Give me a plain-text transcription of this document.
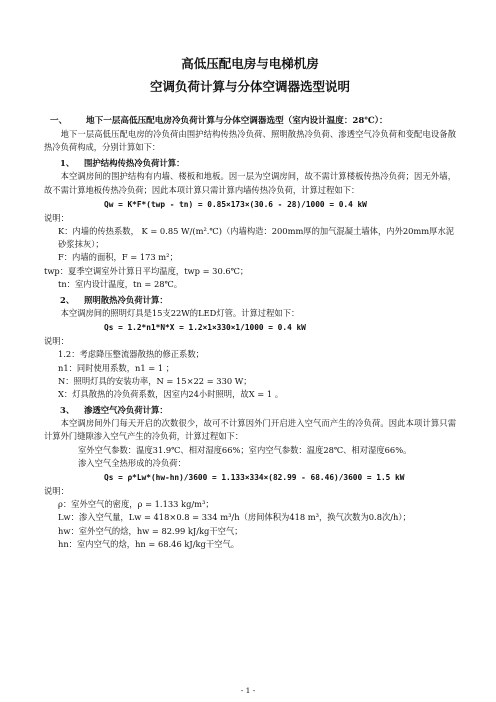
高低压配电房与电梯机房
空调负荷计算与分体空调器选型说明
一、	地下一层高低压配电房冷负荷计算与分体空调器选型（室内设计温度：28℃）：
地下一层高低压配电房的冷负荷由围护结构传热冷负荷、照明散热冷负荷、渗透空气冷负荷和变配电设备散热冷负荷构成，分别计算如下：
1、	围护结构传热冷负荷计算：
本空调房间的围护结构有内墙、楼板和地板。因一层为空调房间，故不需计算楼板传热冷负荷；因无外墙，故不需计算地板传热冷负荷；因此本项计算只需计算内墙传热冷负荷，计算过程如下：
Qw = K*F*(twp - tn) = 0.85×173×(30.6 - 28)/1000 = 0.4 kW
说明：
K：内墙的传热系数， K = 0.85 W/(m².℃)（内墙构造：200mm厚的加气混凝土墙体，内外20mm厚水泥砂浆抹灰）；
F：内墙的面积，F = 173 m²；
twp：夏季空调室外计算日平均温度，twp = 30.6℃；
tn：室内设计温度，tn = 28℃。
2、	照明散热冷负荷计算：
本空调房间的照明灯具是15支22W的LED灯管。计算过程如下：
Qs = 1.2*n1*N*X = 1.2×1×330×1/1000 = 0.4 kW
说明：
1.2：考虑降压整流器散热的修正系数；
n1：同时使用系数，n1 = 1 ；
N：照明灯具的安装功率，N = 15×22 = 330 W；
X：灯具散热的冷负荷系数，因室内24小时照明，故X = 1 。
3、	渗透空气冷负荷计算：
本空调房间外门每天开启的次数很少，故可不计算因外门开启进入空气而产生的冷负荷。因此本项计算只需计算外门缝隙渗入空气产生的冷负荷，计算过程如下：
室外空气参数：温度31.9℃、相对湿度66%；室内空气参数：温度28℃、相对湿度66%。
渗入空气全热形成的冷负荷：
Qs = ρ*Lw*(hw-hn)/3600 = 1.133×334×(82.99 - 68.46)/3600 = 1.5 kW
说明：
ρ：室外空气的密度，ρ = 1.133 kg/m³；
Lw：渗入空气量，Lw = 418×0.8 = 334 m³/h（房间体积为418 m³，换气次数为0.8次/h）；
hw：室外空气的焓，hw = 82.99 kJ/kg干空气；
hn：室内空气的焓，hn = 68.46 kJ/kg干空气。
- 1 -
